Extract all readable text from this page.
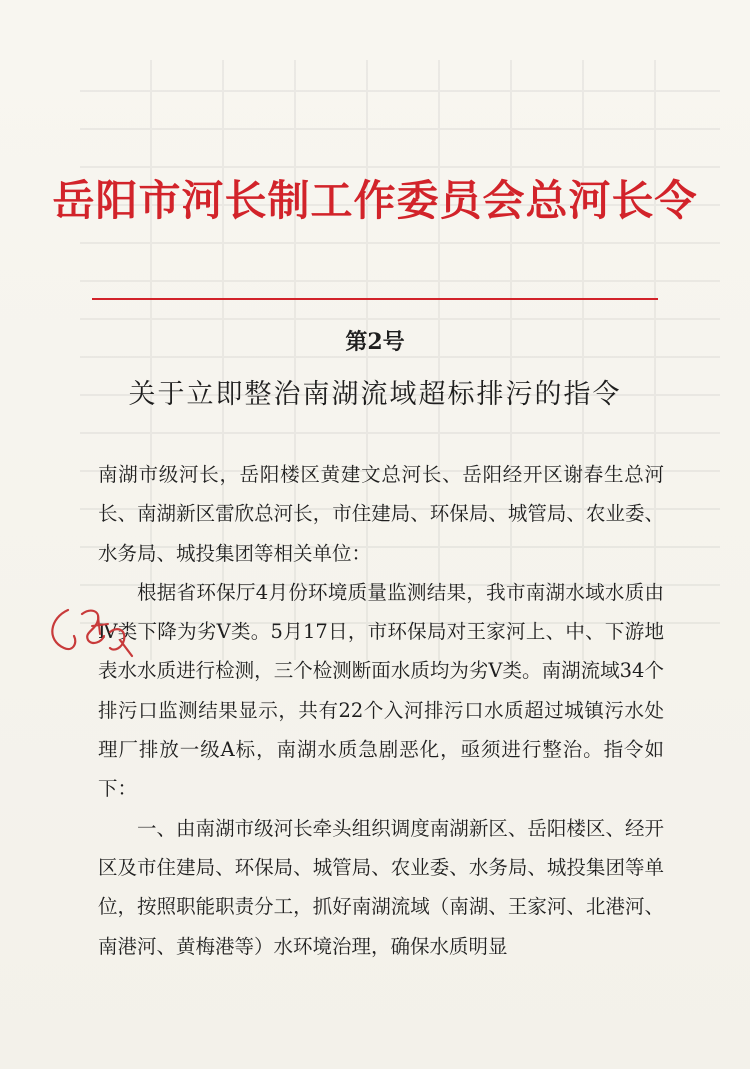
岳阳市河长制工作委员会总河长令
第2号
关于立即整治南湖流域超标排污的指令

南湖市级河长，岳阳楼区黄建文总河长、岳阳经开区谢春生总河长、南湖新区雷欣总河长，市住建局、环保局、城管局、农业委、水务局、城投集团等相关单位：

根据省环保厅4月份环境质量监测结果，我市南湖水域水质由Ⅳ类下降为劣Ⅴ类。5月17日，市环保局对王家河上、中、下游地表水水质进行检测，三个检测断面水质均为劣Ⅴ类。南湖流域34个排污口监测结果显示，共有22个入河排污口水质超过城镇污水处理厂排放一级A标，南湖水质急剧恶化，亟须进行整治。指令如下：

一、由南湖市级河长牵头组织调度南湖新区、岳阳楼区、经开区及市住建局、环保局、城管局、农业委、水务局、城投集团等单位，按照职能职责分工，抓好南湖流域（南湖、王家河、北港河、南港河、黄梅港等）水环境治理，确保水质明显
